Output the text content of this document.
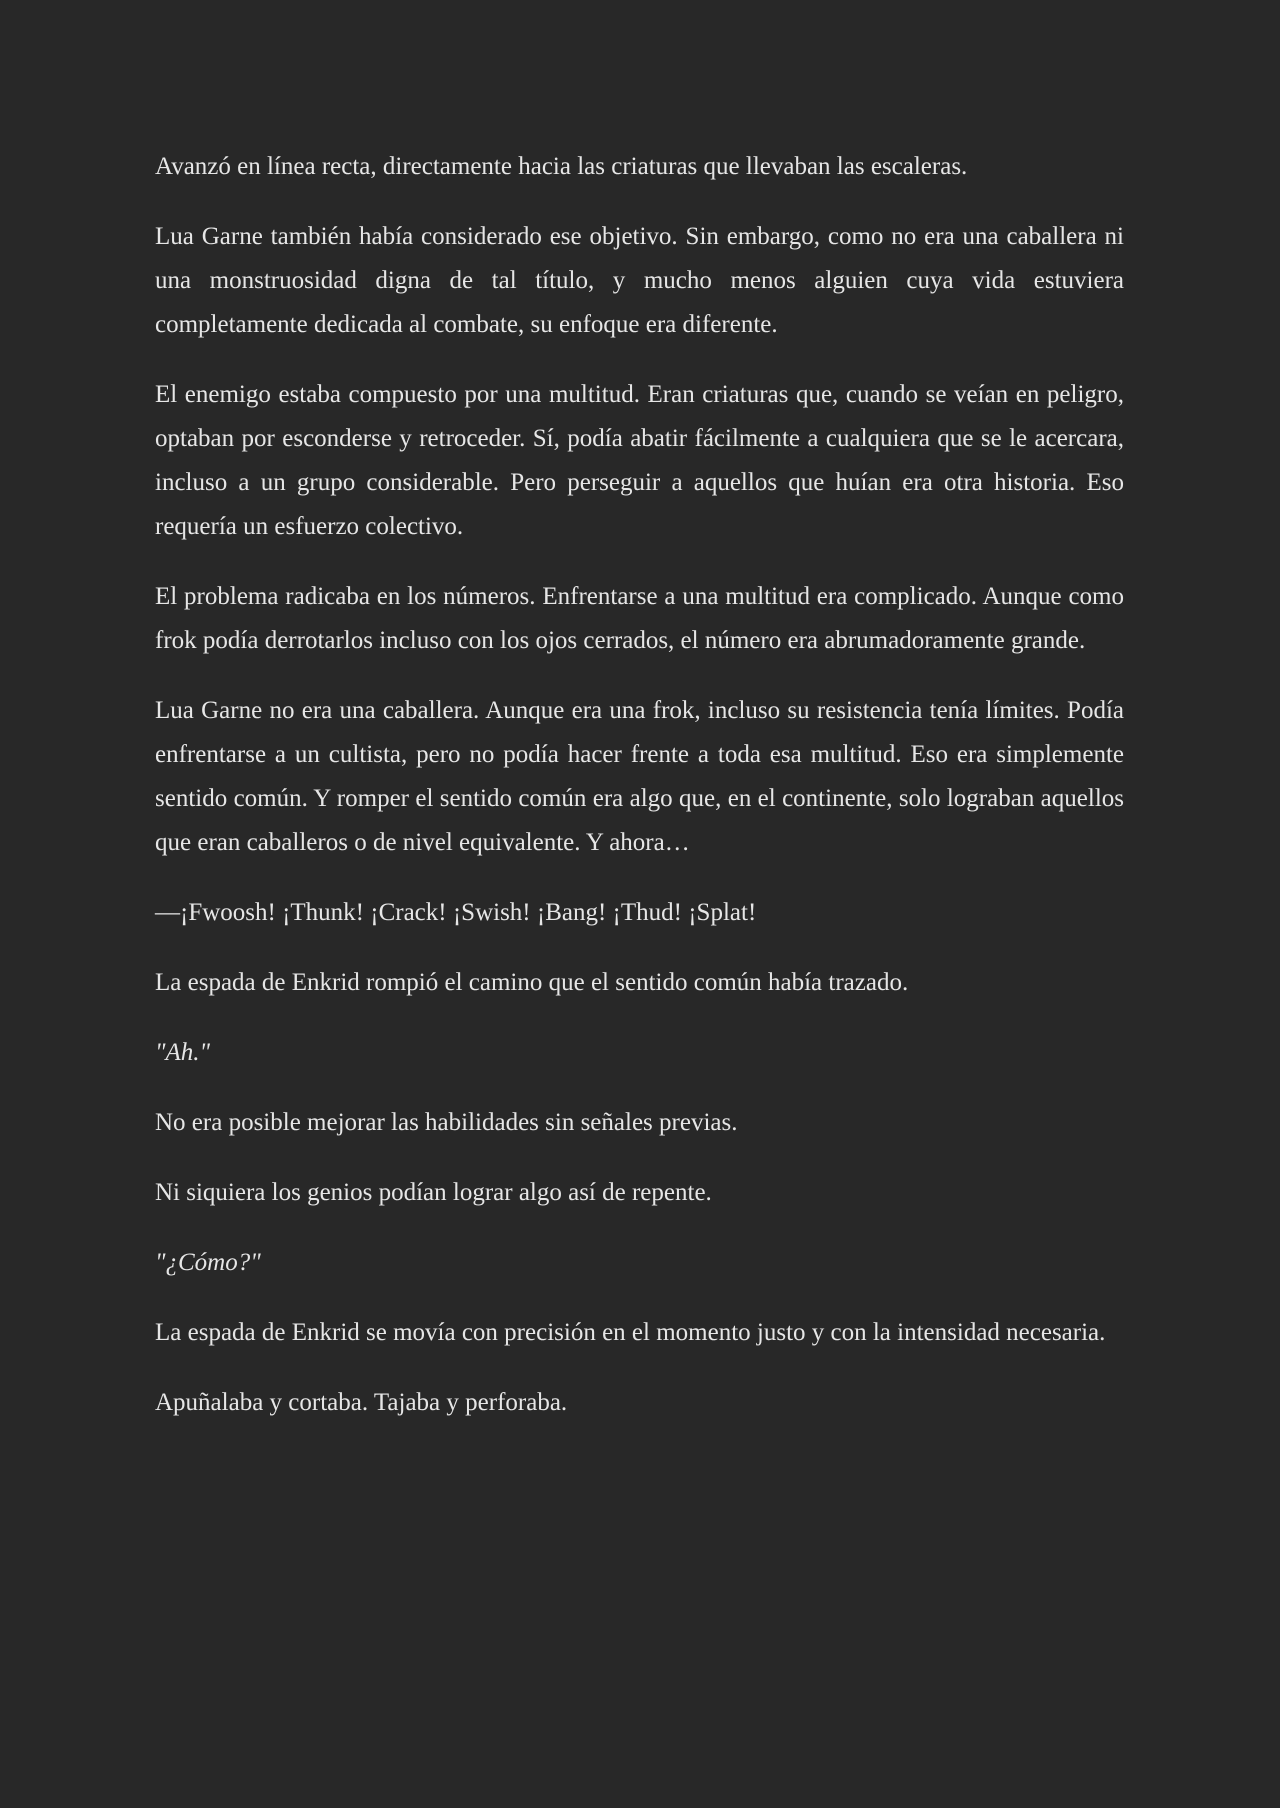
Avanzó en línea recta, directamente hacia las criaturas que llevaban las escaleras.

Lua Garne también había considerado ese objetivo. Sin embargo, como no era una caballera ni una monstruosidad digna de tal título, y mucho menos alguien cuya vida estuviera completamente dedicada al combate, su enfoque era diferente.

El enemigo estaba compuesto por una multitud. Eran criaturas que, cuando se veían en peligro, optaban por esconderse y retroceder. Sí, podía abatir fácilmente a cualquiera que se le acercara, incluso a un grupo considerable. Pero perseguir a aquellos que huían era otra historia. Eso requería un esfuerzo colectivo.

El problema radicaba en los números. Enfrentarse a una multitud era complicado. Aunque como frok podía derrotarlos incluso con los ojos cerrados, el número era abrumadoramente grande.

Lua Garne no era una caballera. Aunque era una frok, incluso su resistencia tenía límites. Podía enfrentarse a un cultista, pero no podía hacer frente a toda esa multitud. Eso era simplemente sentido común. Y romper el sentido común era algo que, en el continente, solo lograban aquellos que eran caballeros o de nivel equivalente. Y ahora…

—¡Fwoosh! ¡Thunk! ¡Crack! ¡Swish! ¡Bang! ¡Thud! ¡Splat!

La espada de Enkrid rompió el camino que el sentido común había trazado.

"Ah."

No era posible mejorar las habilidades sin señales previas.

Ni siquiera los genios podían lograr algo así de repente.

"¿Cómo?"

La espada de Enkrid se movía con precisión en el momento justo y con la intensidad necesaria.

Apuñalaba y cortaba. Tajaba y perforaba.
